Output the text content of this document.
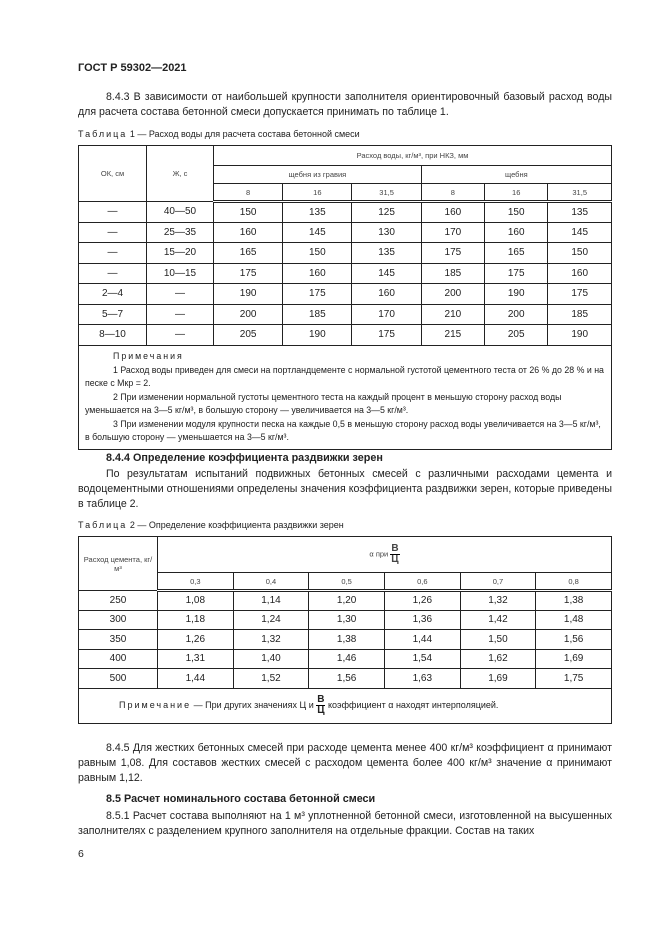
ГОСТ Р 59302—2021
8.4.3 В зависимости от наибольшей крупности заполнителя ориентировочный базовый расход воды для расчета состава бетонной смеси допускается принимать по таблице 1.
Таблица 1 — Расход воды для расчета состава бетонной смеси
ОК, см	Ж, с	Расход воды, кг/м³, при НКЗ, мм					
		щебня из гравия			щебня		
		8	16	31,5	8	16	31,5
—	40—50	150	135	125	160	150	135
—	25—35	160	145	130	170	160	145
—	15—20	165	150	135	175	165	150
—	10—15	175	160	145	185	175	160
2—4	—	190	175	160	200	190	175
5—7	—	200	185	170	210	200	185
8—10	—	205	190	175	215	205	190

Примечания

1 Расход воды приведен для смеси на портландцементе с нормальной густотой цементного теста от 26 % до 28 % и на песке с Мкр = 2.

2 При изменении нормальной густоты цементного теста на каждый процент в меньшую сторону расход воды уменьшается на 3—5 кг/м³, в большую сторону — увеличивается на 3—5 кг/м³.

3 При изменении модуля крупности песка на каждые 0,5 в меньшую сторону расход воды увеличивается на 3—5 кг/м³, в большую сторону — уменьшается на 3—5 кг/м³.							

8.4.4 Определение коэффициента раздвижки зерен
По результатам испытаний подвижных бетонных смесей с различными расходами цемента и водоцементными отношениями определены значения коэффициента раздвижки зерен, которые приведены в таблице 2.
Таблица 2 — Определение коэффициента раздвижки зерен
Расход цемента, кг/м³	α при $\frac{В}{Ц}$

	0,3	0,4	0,5	0,6	0,7	0,8
250	1,08	1,14	1,20	1,26	1,32	1,38
300	1,18	1,24	1,30	1,36	1,42	1,48
350	1,26	1,32	1,38	1,44	1,50	1,56
400	1,31	1,40	1,46	1,54	1,62	1,69
500	1,44	1,52	1,56	1,63	1,69	1,75
Примечание — При других значениях Ц и $\frac{В}{Ц}$ коэффициент α находят интерполяцией.						
8.4.5 Для жестких бетонных смесей при расходе цемента менее 400 кг/м³ коэффициент α принимают равным 1,08. Для составов жестких смесей с расходом цемента более 400 кг/м³ значение α принимают равным 1,12.
8.5 Расчет номинального состава бетонной смеси
8.5.1 Расчет состава выполняют на 1 м³ уплотненной бетонной смеси, изготовленной на высушенных заполнителях с разделением крупного заполнителя на отдельные фракции. Состав на таких
6
